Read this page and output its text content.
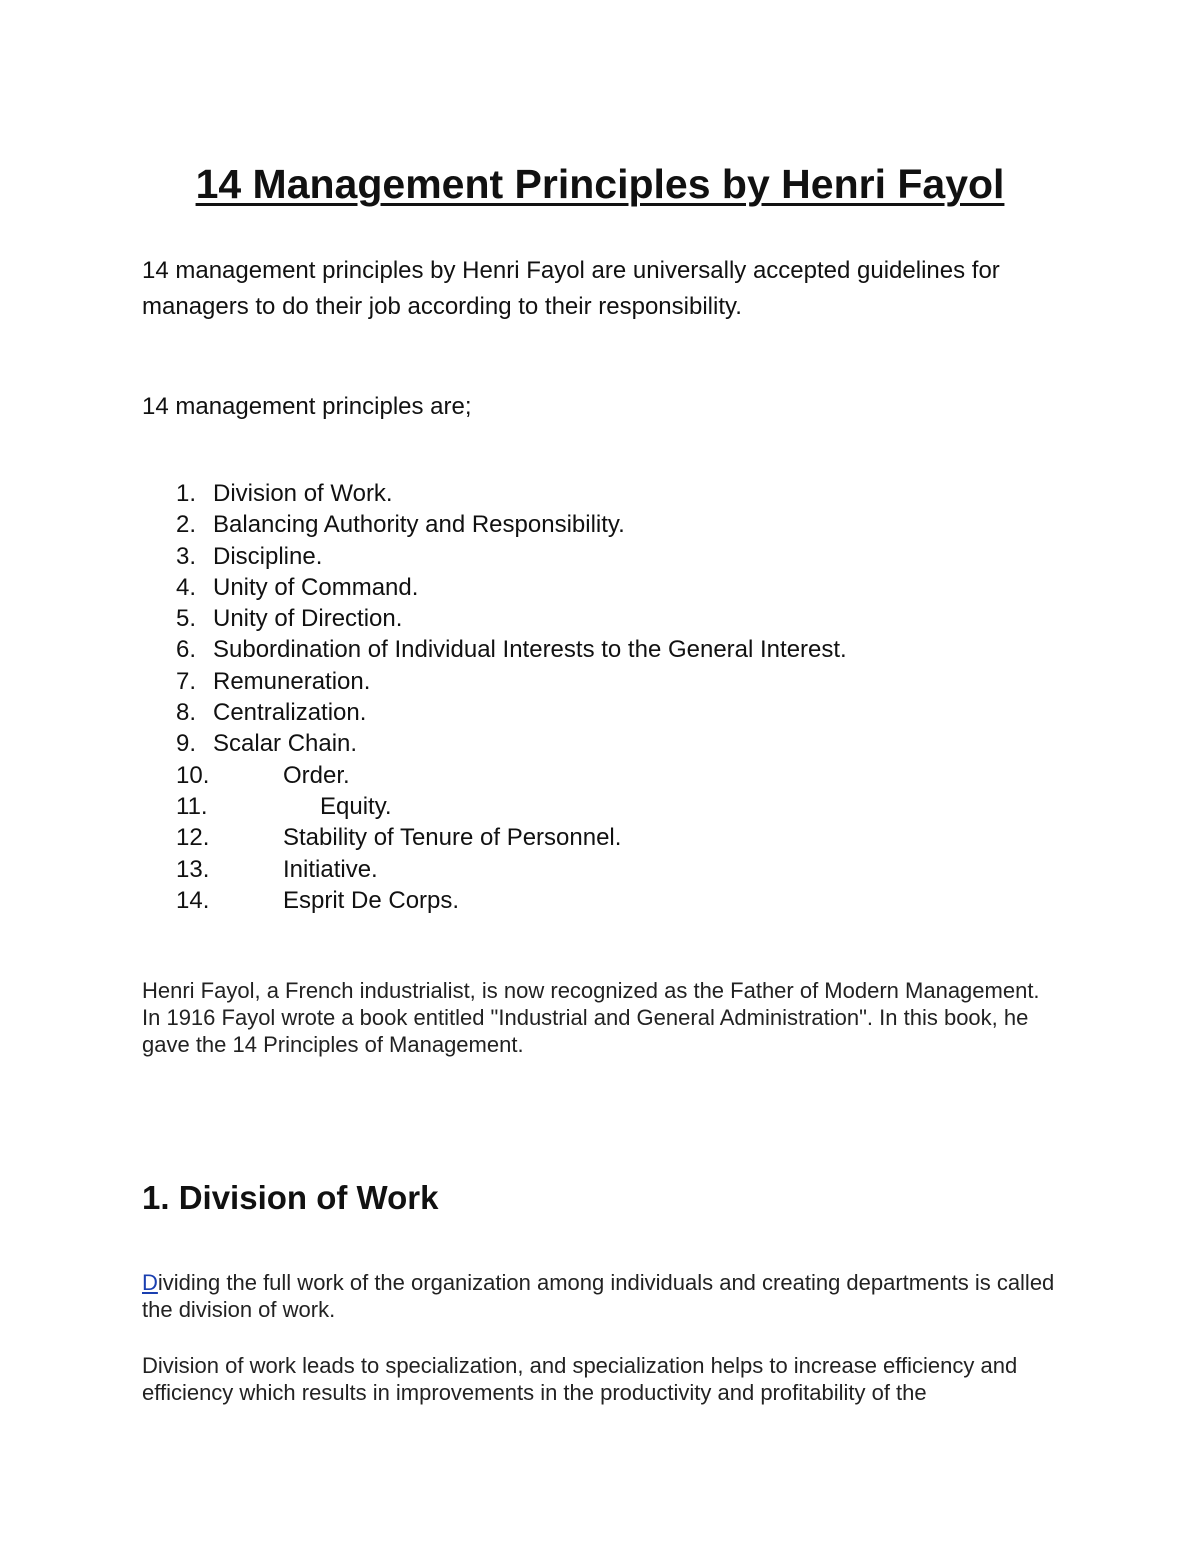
14 Management Principles by Henri Fayol

14 management principles by Henri Fayol are universally accepted guidelines for managers to do their job according to their responsibility.

14 management principles are;

1. Division of Work.
2. Balancing Authority and Responsibility.
3. Discipline.
4. Unity of Command.
5. Unity of Direction.
6. Subordination of Individual Interests to the General Interest.
7. Remuneration.
8. Centralization.
9. Scalar Chain.
10.	Order.
11.	Equity.
12.	Stability of Tenure of Personnel.
13.	Initiative.
14.	Esprit De Corps.

Henri Fayol, a French industrialist, is now recognized as the Father of Modern Management. In 1916 Fayol wrote a book entitled "Industrial and General Administration". In this book, he gave the 14 Principles of Management.

1. Division of Work

Dividing the full work of the organization among individuals and creating departments is called the division of work.

Division of work leads to specialization, and specialization helps to increase efficiency and efficiency which results in improvements in the productivity and profitability of the
